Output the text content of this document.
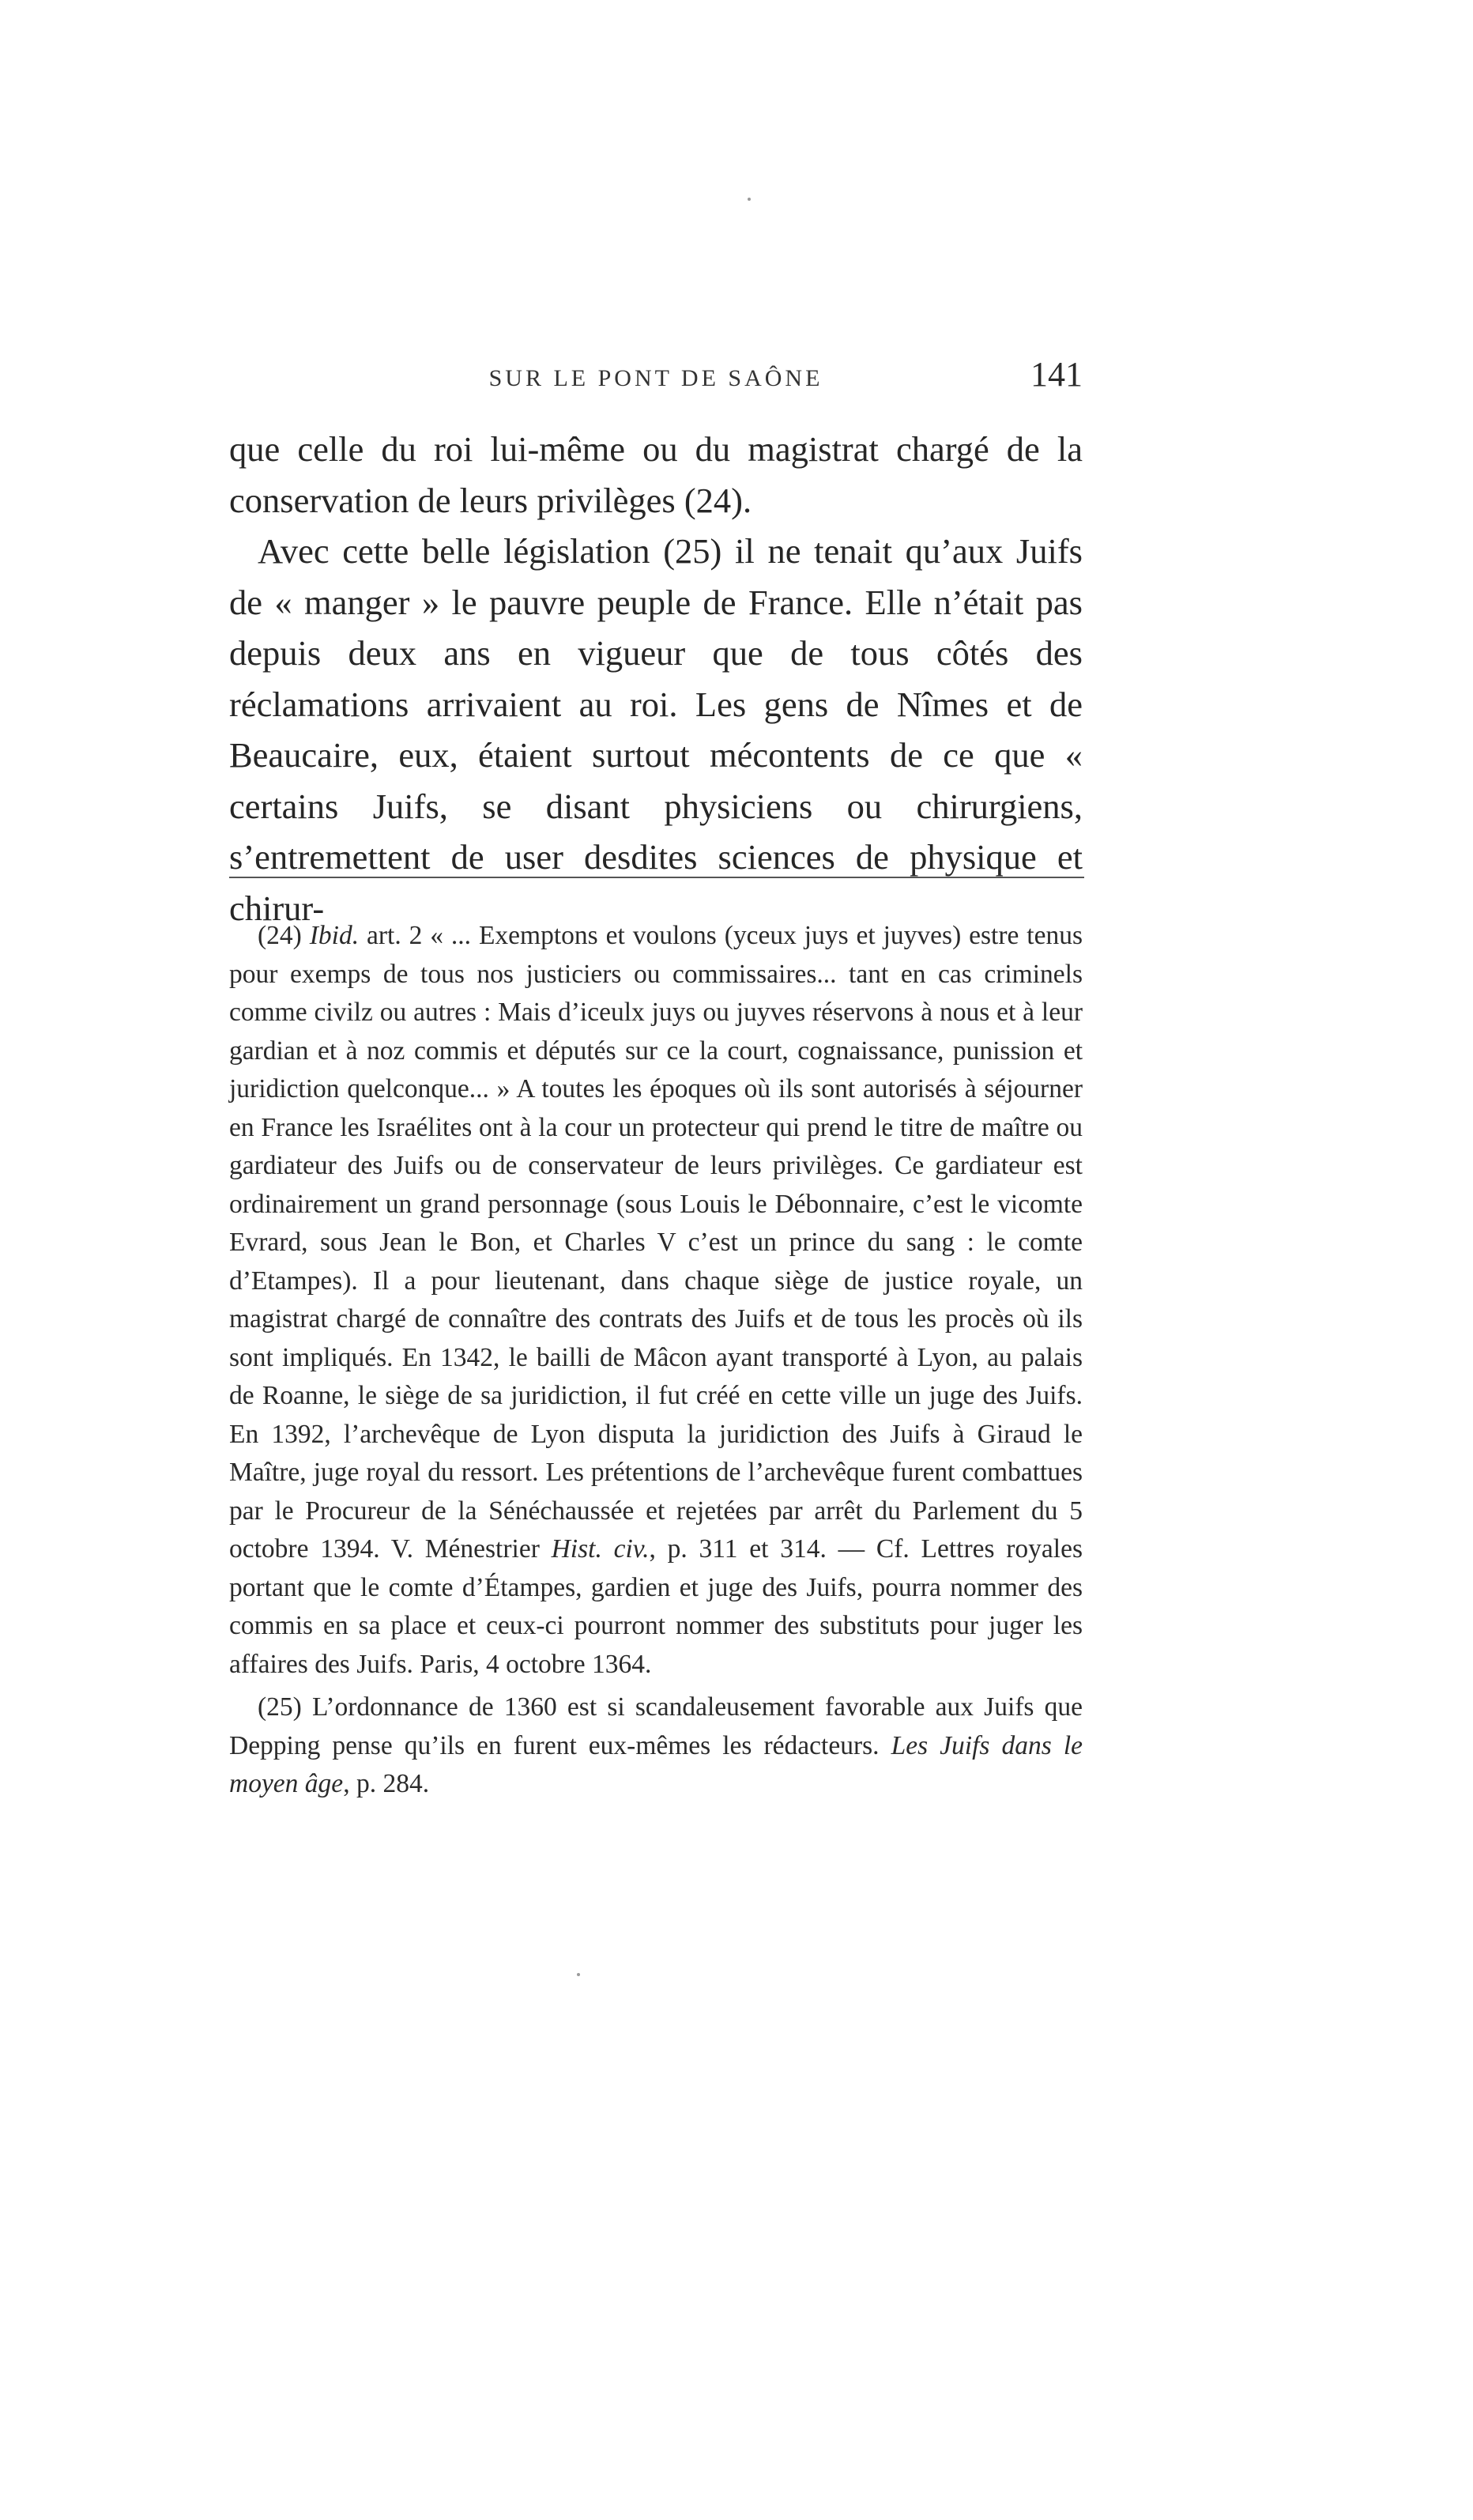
SUR LE PONT DE SAÔNE	141

que celle du roi lui-même ou du magistrat chargé de la conservation de leurs privilèges (24).

Avec cette belle législation (25) il ne tenait qu’aux Juifs de « manger » le pauvre peuple de France. Elle n’était pas depuis deux ans en vigueur que de tous côtés des réclamations arrivaient au roi. Les gens de Nîmes et de Beaucaire, eux, étaient surtout mécontents de ce que « certains Juifs, se disant physiciens ou chirurgiens, s’entremettent de user desdites sciences de physique et chirur-

(24) Ibid. art. 2 « ... Exemptons et voulons (yceux juys et juyves) estre tenus pour exemps de tous nos justiciers ou commissaires... tant en cas criminels comme civilz ou autres : Mais d’iceulx juys ou juyves réservons à nous et à leur gardian et à noz commis et députés sur ce la court, cognaissance, punission et juridiction quelconque... » A toutes les époques où ils sont autorisés à séjourner en France les Israélites ont à la cour un protecteur qui prend le titre de maître ou gardiateur des Juifs ou de conservateur de leurs privilèges. Ce gardiateur est ordinairement un grand personnage (sous Louis le Débonnaire, c’est le vicomte Evrard, sous Jean le Bon, et Charles V c’est un prince du sang : le comte d’Etampes). Il a pour lieutenant, dans chaque siège de justice royale, un magistrat chargé de connaître des contrats des Juifs et de tous les procès où ils sont impliqués. En 1342, le bailli de Mâcon ayant transporté à Lyon, au palais de Roanne, le siège de sa juridiction, il fut créé en cette ville un juge des Juifs. En 1392, l’archevêque de Lyon disputa la juridiction des Juifs à Giraud le Maître, juge royal du ressort. Les prétentions de l’archevêque furent combattues par le Procureur de la Sénéchaussée et rejetées par arrêt du Parlement du 5 octobre 1394. V. Ménestrier Hist. civ., p. 311 et 314. — Cf. Lettres royales portant que le comte d’Étampes, gardien et juge des Juifs, pourra nommer des commis en sa place et ceux-ci pourront nommer des substituts pour juger les affaires des Juifs. Paris, 4 octobre 1364.

(25) L’ordonnance de 1360 est si scandaleusement favorable aux Juifs que Depping pense qu’ils en furent eux-mêmes les rédacteurs. Les Juifs dans le moyen âge, p. 284.
